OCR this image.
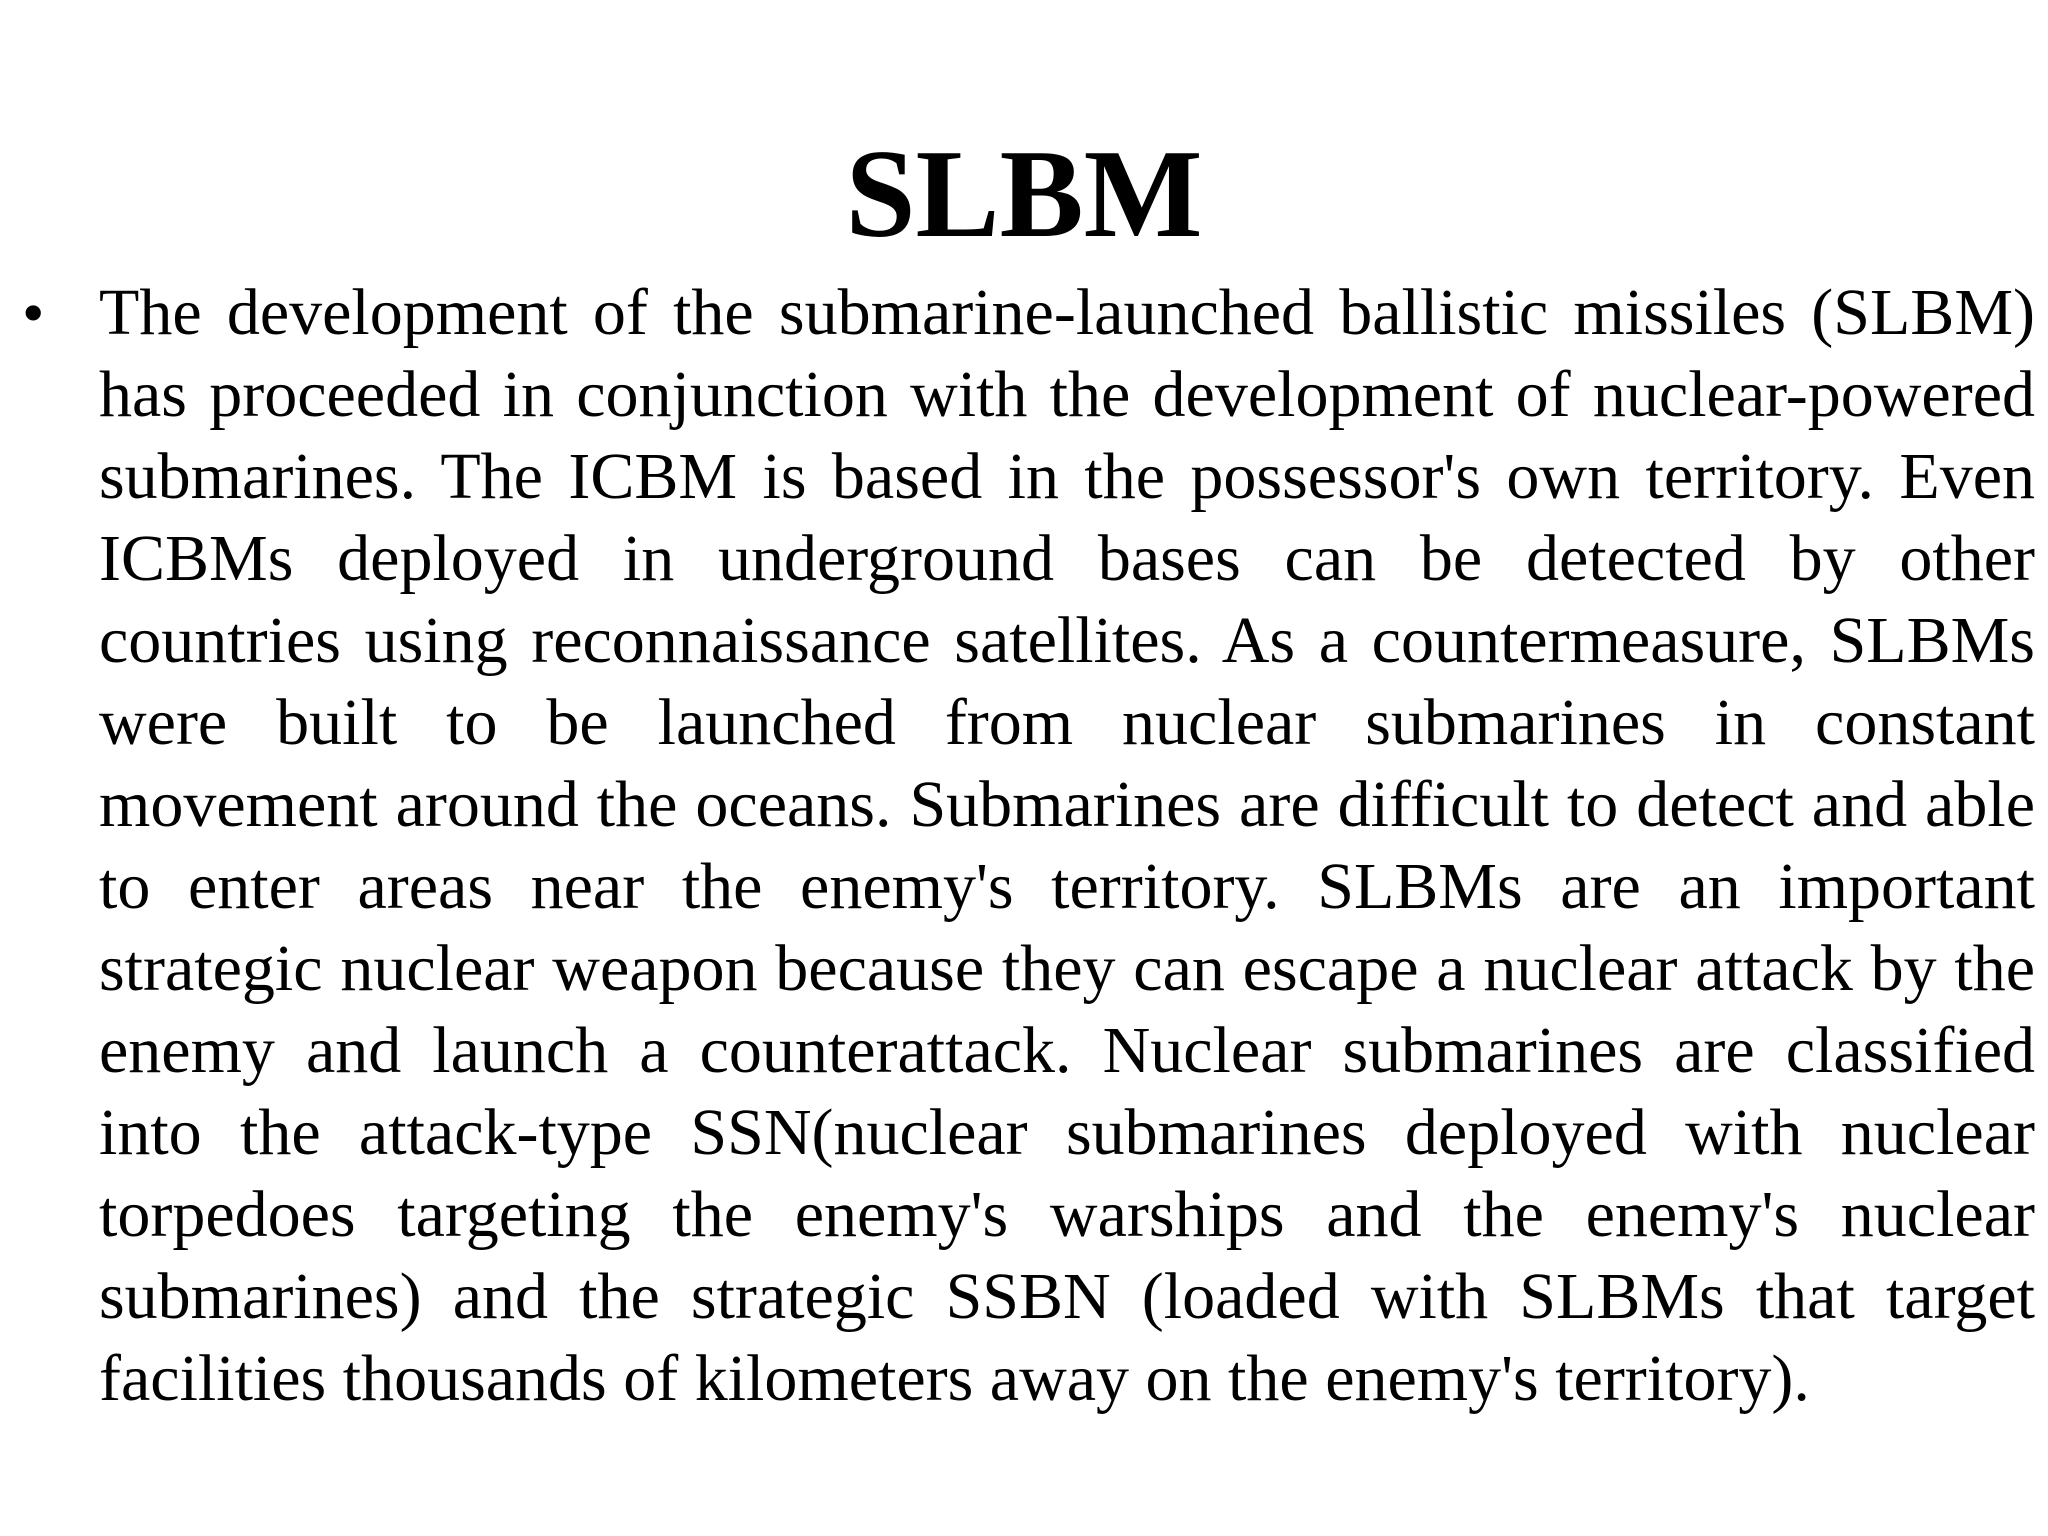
SLBM
• The development of the submarine-launched ballistic missiles (SLBM) has proceeded in conjunction with the development of nuclear-powered submarines. The ICBM is based in the possessor's own territory. Even ICBMs deployed in underground bases can be detected by other countries using reconnaissance satellites. As a countermeasure, SLBMs were built to be launched from nuclear submarines in constant movement around the oceans. Submarines are difficult to detect and able to enter areas near the enemy's territory. SLBMs are an important strategic nuclear weapon because they can escape a nuclear attack by the enemy and launch a counterattack. Nuclear submarines are classified into the attack-type SSN(nuclear submarines deployed with nuclear torpedoes targeting the enemy's warships and the enemy's nuclear submarines) and the strategic SSBN (loaded with SLBMs that target facilities thousands of kilometers away on the enemy's territory).
